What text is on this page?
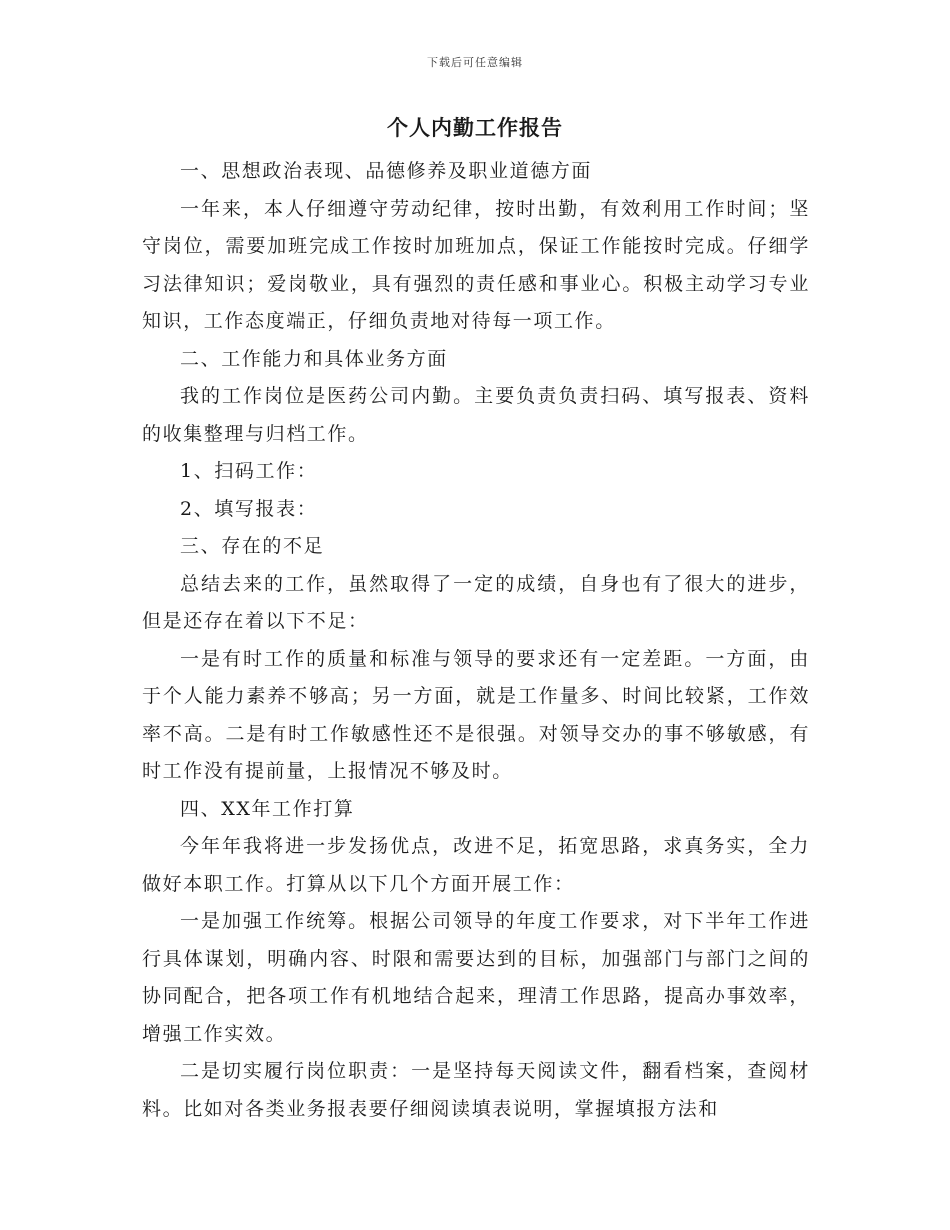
下载后可任意编辑
个人内勤工作报告

一、思想政治表现、品德修养及职业道德方面

一年来，本人仔细遵守劳动纪律，按时出勤，有效利用工作时间；坚守岗位，需要加班完成工作按时加班加点，保证工作能按时完成。仔细学习法律知识；爱岗敬业，具有强烈的责任感和事业心。积极主动学习专业知识，工作态度端正，仔细负责地对待每一项工作。

二、工作能力和具体业务方面

我的工作岗位是医药公司内勤。主要负责负责扫码、填写报表、资料的收集整理与归档工作。

1、扫码工作：

2、填写报表：

三、存在的不足

总结去来的工作，虽然取得了一定的成绩，自身也有了很大的进步，但是还存在着以下不足：

一是有时工作的质量和标准与领导的要求还有一定差距。一方面，由于个人能力素养不够高；另一方面，就是工作量多、时间比较紧，工作效率不高。二是有时工作敏感性还不是很强。对领导交办的事不够敏感，有时工作没有提前量，上报情况不够及时。

四、XX年工作打算

今年年我将进一步发扬优点，改进不足，拓宽思路，求真务实，全力做好本职工作。打算从以下几个方面开展工作：

一是加强工作统筹。根据公司领导的年度工作要求，对下半年工作进行具体谋划，明确内容、时限和需要达到的目标，加强部门与部门之间的协同配合，把各项工作有机地结合起来，理清工作思路，提高办事效率，增强工作实效。

二是切实履行岗位职责：一是坚持每天阅读文件，翻看档案，查阅材料。比如对各类业务报表要仔细阅读填表说明，掌握填报方法和
